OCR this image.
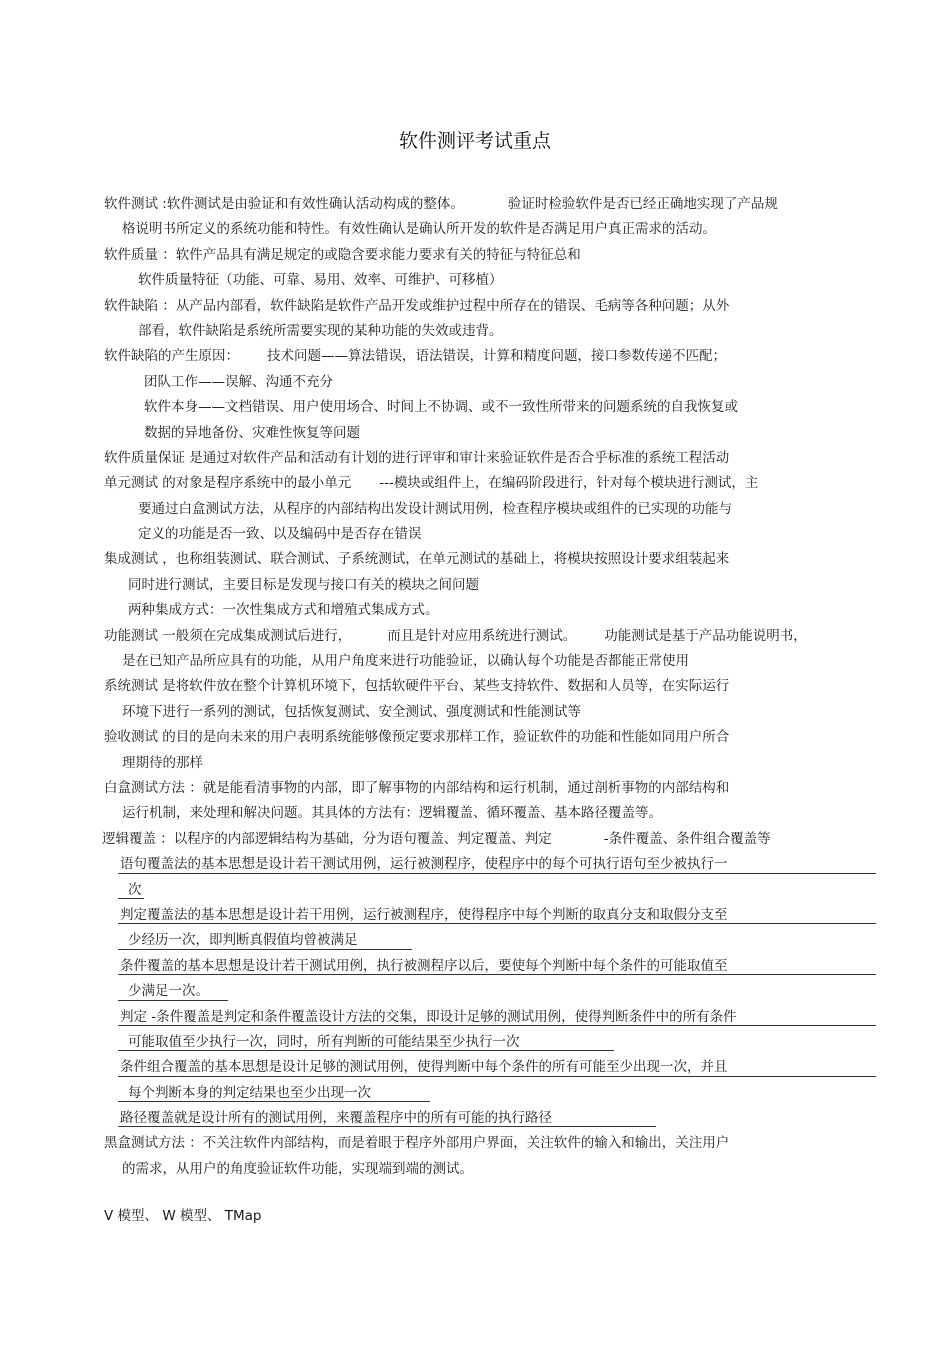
软件测评考试重点
软件测试 :软件测试是由验证和有效性确认活动构成的整体。	验证时检验软件是否已经正确地实现了产品规
格说明书所定义的系统功能和特性。有效性确认是确认所开发的软件是否满足用户真正需求的活动。
软件质量 ：软件产品具有满足规定的或隐含要求能力要求有关的特征与特征总和
软件质量特征（功能、可靠、易用、效率、可维护、可移植）
软件缺陷 ：从产品内部看，软件缺陷是软件产品开发或维护过程中所存在的错误、毛病等各种问题；从外
部看，软件缺陷是系统所需要实现的某种功能的失效或违背。
软件缺陷的产生原因： 技术问题——算法错误，语法错误，计算和精度问题，接口参数传递不匹配；
团队工作——误解、沟通不充分
软件本身——文档错误、用户使用场合、时间上不协调、或不一致性所带来的问题系统的自我恢复或
数据的异地备份、灾难性恢复等问题
软件质量保证 是通过对软件产品和活动有计划的进行评审和审计来验证软件是否合乎标准的系统工程活动
单元测试 的对象是程序系统中的最小单元 ---模块或组件上，在编码阶段进行，针对每个模块进行测试，主
要通过白盒测试方法，从程序的内部结构出发设计测试用例，检查程序模块或组件的已实现的功能与
定义的功能是否一致、以及编码中是否存在错误
集成测试 ，也称组装测试、联合测试、子系统测试，在单元测试的基础上，将模块按照设计要求组装起来
同时进行测试，主要目标是发现与接口有关的模块之间问题
两种集成方式：一次性集成方式和增殖式集成方式。
功能测试 一般须在完成集成测试后进行，	而且是针对应用系统进行测试。 功能测试是基于产品功能说明书，
是在已知产品所应具有的功能，从用户角度来进行功能验证，以确认每个功能是否都能正常使用
系统测试 是将软件放在整个计算机环境下，包括软硬件平台、某些支持软件、数据和人员等，在实际运行
环境下进行一系列的测试，包括恢复测试、安全测试、强度测试和性能测试等
验收测试 的目的是向未来的用户表明系统能够像预定要求那样工作，验证软件的功能和性能如同用户所合
理期待的那样
白盒测试方法 ：就是能看清事物的内部，即了解事物的内部结构和运行机制，通过剖析事物的内部结构和
运行机制，来处理和解决问题。其具体的方法有：逻辑覆盖、循环覆盖、基本路径覆盖等。
逻辑覆盖 ：以程序的内部逻辑结构为基础，分为语句覆盖、判定覆盖、判定	-条件覆盖、条件组合覆盖等
语句覆盖法的基本思想是设计若干测试用例，运行被测程序，使程序中的每个可执行语句至少被执行一
次
判定覆盖法的基本思想是设计若干用例，运行被测程序，使得程序中每个判断的取真分支和取假分支至
少经历一次，即判断真假值均曾被满足
条件覆盖的基本思想是设计若干测试用例，执行被测程序以后，要使每个判断中每个条件的可能取值至
少满足一次。
判定 -条件覆盖是判定和条件覆盖设计方法的交集，即设计足够的测试用例，使得判断条件中的所有条件
可能取值至少执行一次，同时，所有判断的可能结果至少执行一次
条件组合覆盖的基本思想是设计足够的测试用例，使得判断中每个条件的所有可能至少出现一次，并且
每个判断本身的判定结果也至少出现一次
路径覆盖就是设计所有的测试用例，来覆盖程序中的所有可能的执行路径
黑盒测试方法 ：不关注软件内部结构，而是着眼于程序外部用户界面，关注软件的输入和输出，关注用户
的需求，从用户的角度验证软件功能，实现端到端的测试。
V 模型、 W 模型、 TMap
